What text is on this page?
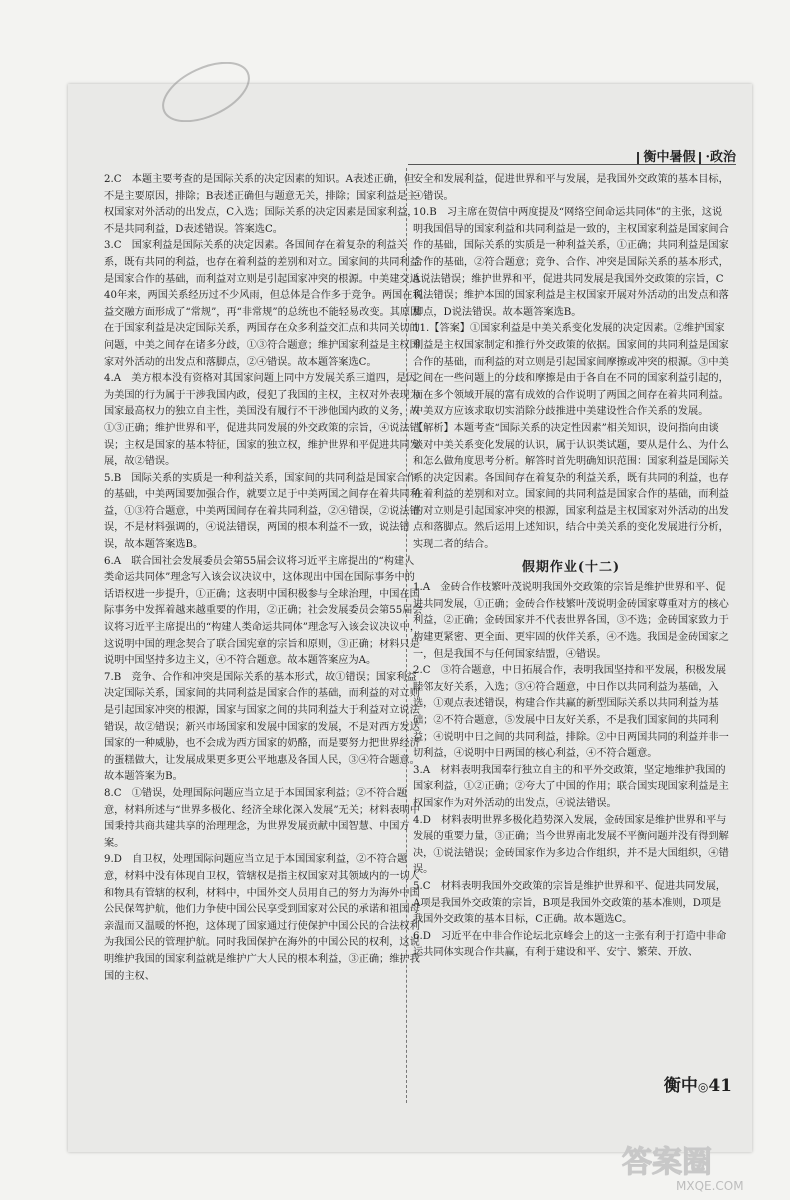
衡中暑假 ·政治

2.C　本题主要考查的是国际关系的决定因素的知识。A表述正确，但不是主要原因，排除；B表述正确但与题意无关，排除；国家利益是主权国家对外活动的出发点，C入选；国际关系的决定因素是国家利益，不是共同利益，D表述错误。答案选C。

3.C　国家利益是国际关系的决定因素。各国间存在着复杂的利益关系，既有共同的利益，也存在着利益的差别和对立。国家间的共同利益是国家合作的基础，而利益对立则是引起国家冲突的根源。中美建交近40年来，两国关系经历过不少风雨，但总体是合作多于竞争。两国在利益交融方面形成了“常规”，再“非常规”的总统也不能轻易改变。其原因在于国家利益是决定国际关系，两国存在众多利益交汇点和共同关切的问题，中美之间存在诸多分歧，①③符合题意；维护国家利益是主权国家对外活动的出发点和落脚点，②④错误。故本题答案选C。

4.A　美方根本没有资格对其国家问题上同中方发展关系三道四，是因为美国的行为属于干涉我国内政，侵犯了我国的主权，主权对外表现为国家最高权力的独立自主性，美国没有履行不干涉他国内政的义务，故①③正确；维护世界和平，促进共同发展的外交政策的宗旨，④说法错误；主权是国家的基本特征，国家的独立权，维护世界和平促进共同发展，故②错误。

5.B　国际关系的实质是一种利益关系，国家间的共同利益是国家合作的基础，中美两国要加强合作，就要立足于中美两国之间存在着共同利益，①③符合题意，中美两国间存在着共同利益，②④错误，②说法错误，不是材料强调的，④说法错误，两国的根本利益不一致，说法错误，故本题答案选B。

6.A　联合国社会发展委员会第55届会议将习近平主席提出的“构建人类命运共同体”理念写入该会议决议中，这体现出中国在国际事务中的话语权进一步提升，①正确；这表明中国积极参与全球治理，中国在国际事务中发挥着越来越重要的作用，②正确；社会发展委员会第55届会议将习近平主席提出的“构建人类命运共同体”理念写入该会议决议中，这说明中国的理念契合了联合国宪章的宗旨和原则，③正确；材料只是说明中国坚持多边主义，④不符合题意。故本题答案应为A。

7.B　竞争、合作和冲突是国际关系的基本形式，故①错误；国家利益决定国际关系，国家间的共同利益是国家合作的基础，而利益的对立则是引起国家冲突的根源，国家与国家之间的共同利益大于利益对立说法错误，故②错误；新兴市场国家和发展中国家的发展，不是对西方发达国家的一种威胁，也不会成为西方国家的奶酪，而是要努力把世界经济的蛋糕做大，让发展成果更多更公平地惠及各国人民，③④符合题意。故本题答案为B。

8.C　①错误，处理国际问题应当立足于本国国家利益；②不符合题意，材料所述与“世界多极化、经济全球化深入发展”无关；材料表明中国秉持共商共建共享的治理理念，为世界发展贡献中国智慧、中国方案。

9.D　自卫权，处理国际问题应当立足于本国国家利益，②不符合题意，材料中没有体现自卫权，管辖权是指主权国家对其领域内的一切人和物具有管辖的权利，材料中，中国外交人员用自己的努力为海外中国公民保驾护航，他们力争使中国公民享受到国家对公民的承诺和祖国母亲温而又温暖的怀抱，这体现了国家通过行使保护中国公民的合法权利为我国公民的管理护航。同时我国保护在海外的中国公民的权利，这说明维护我国的国家利益就是维护广大人民的根本利益，③正确；维护我国的主权、

安全和发展利益，促进世界和平与发展，是我国外交政策的基本目标，④错误。

10.B　习主席在贺信中两度提及“网络空间命运共同体”的主张，这说明我国倡导的国家利益和共同利益是一致的，主权国家利益是国家间合作的基础，国际关系的实质是一种利益关系，①正确；共同利益是国家合作的基础，②符合题意；竞争、合作、冲突是国际关系的基本形式，A说法错误；维护世界和平，促进共同发展是我国外交政策的宗旨，C说法错误；维护本国的国家利益是主权国家开展对外活动的出发点和落脚点，D说法错误。故本题答案选B。

11.【答案】①国家利益是中美关系变化发展的决定因素。②维护国家利益是主权国家制定和推行外交政策的依据。国家间的共同利益是国家合作的基础，而利益的对立则是引起国家间摩擦或冲突的根源。③中美之间在一些问题上的分歧和摩擦是由于各自在不同的国家利益引起的，而在多个领域开展的富有成效的合作说明了两国之间存在着共同利益。中美双方应该求取切实消除分歧推进中美建设性合作关系的发展。

【解析】本题考查“国际关系的决定性因素”相关知识，设问指向由谈谈对中美关系变化发展的认识，属于认识类试题，要从是什么、为什么和怎么做角度思考分析。解答时首先明确知识范围：国家利益是国际关系的决定因素。各国间存在着复杂的利益关系，既有共同的利益，也存在着利益的差别和对立。国家间的共同利益是国家合作的基础，而利益的对立则是引起国家冲突的根源，国家利益是主权国家对外活动的出发点和落脚点。然后运用上述知识，结合中美关系的变化发展进行分析，实现二者的结合。

假期作业(十二)

1.A　金砖合作枝繁叶茂说明我国外交政策的宗旨是维护世界和平、促进共同发展，①正确；金砖合作枝繁叶茂说明金砖国家尊重对方的核心利益，②正确；金砖国家并不代表世界各国，③不选；金砖国家致力于构建更紧密、更全面、更牢固的伙伴关系，④不选。我国是金砖国家之一，但是我国不与任何国家结盟，④错误。

2.C　③符合题意，中日拓展合作，表明我国坚持和平发展，积极发展睦邻友好关系，入选；③④符合题意，中日作以共同利益为基础，入选，①观点表述错误，构建合作共赢的新型国际关系以共同利益为基础；②不符合题意，⑤发展中日友好关系，不是我们国家间的共同利益；④说明中日之间的共同利益，排除。②中日两国共同的利益并非一切利益，④说明中日两国的核心利益，④不符合题意。

3.A　材料表明我国奉行独立自主的和平外交政策，坚定地维护我国的国家利益，①②正确；②夸大了中国的作用；联合国实现国家利益是主权国家作为对外活动的出发点，④说法错误。

4.D　材料表明世界多极化趋势深入发展，金砖国家是维护世界和平与发展的重要力量，③正确；当今世界南北发展不平衡问题并没有得到解决，①说法错误；金砖国家作为多边合作组织，并不是大国组织，④错误。

5.C　材料表明我国外交政策的宗旨是维护世界和平、促进共同发展，A项是我国外交政策的宗旨，B项是我国外交政策的基本准则，D项是我国外交政策的基本目标，C正确。故本题选C。

6.D　习近平在中非合作论坛北京峰会上的这一主张有利于打造中非命运共同体实现合作共赢，有利于建设和平、安宁、繁荣、开放、

衡中◎41
答案圈
MXQE.COM
